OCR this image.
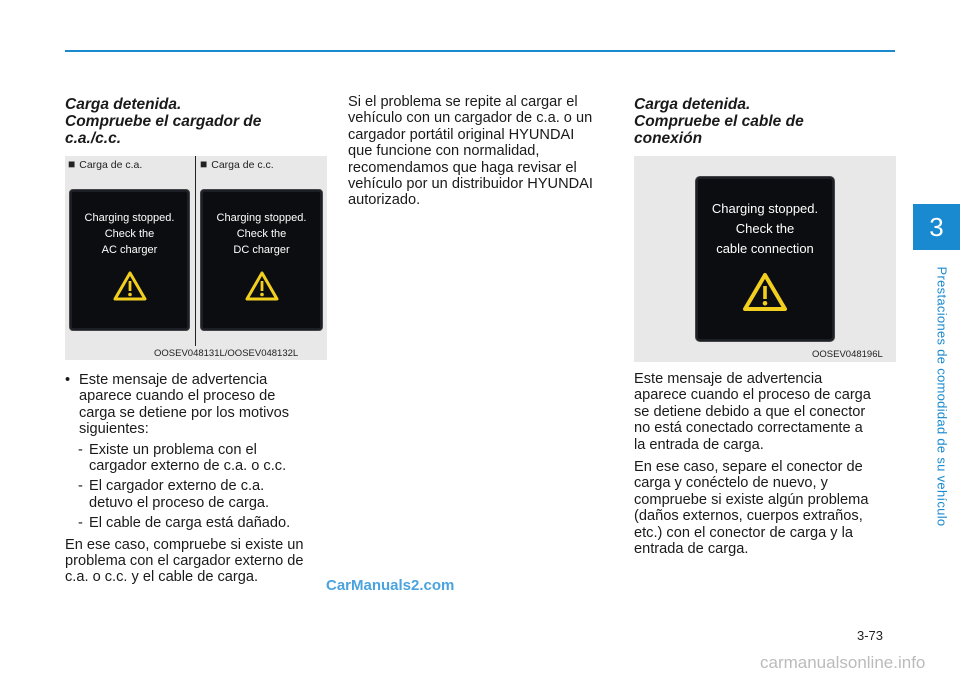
3
Prestaciones de comodidad de su vehículo
Carga detenida.
Compruebe el cargador de
c.a./c.c.
■ Carga de c.a.	■ Carga de c.c.
Charging stopped.
Check the
AC charger
Charging stopped.
Check the
DC charger
OOSEV048131L/OOSEV048132L
• Este mensaje de advertencia
aparece cuando el proceso de
carga se detiene por los motivos
siguientes:
- Existe un problema con el
cargador externo de c.a. o c.c.
- El cargador externo de c.a.
detuvo el proceso de carga.
- El cable de carga está dañado.
En ese caso, compruebe si existe un
problema con el cargador externo de
c.a. o c.c. y el cable de carga.
Si el problema se repite al cargar el
vehículo con un cargador de c.a. o un
cargador portátil original HYUNDAI
que funcione con normalidad,
recomendamos que haga revisar el
vehículo por un distribuidor HYUNDAI
autorizado.
Carga detenida.
Compruebe el cable de
conexión
Charging stopped.
Check the
cable connection
OOSEV048196L
Este mensaje de advertencia
aparece cuando el proceso de carga
se detiene debido a que el conector
no está conectado correctamente a
la entrada de carga.
En ese caso, separe el conector de
carga y conéctelo de nuevo, y
compruebe si existe algún problema
(daños externos, cuerpos extraños,
etc.) con el conector de carga y la
entrada de carga.
3-73
CarManuals2.com
carmanualsonline.info
